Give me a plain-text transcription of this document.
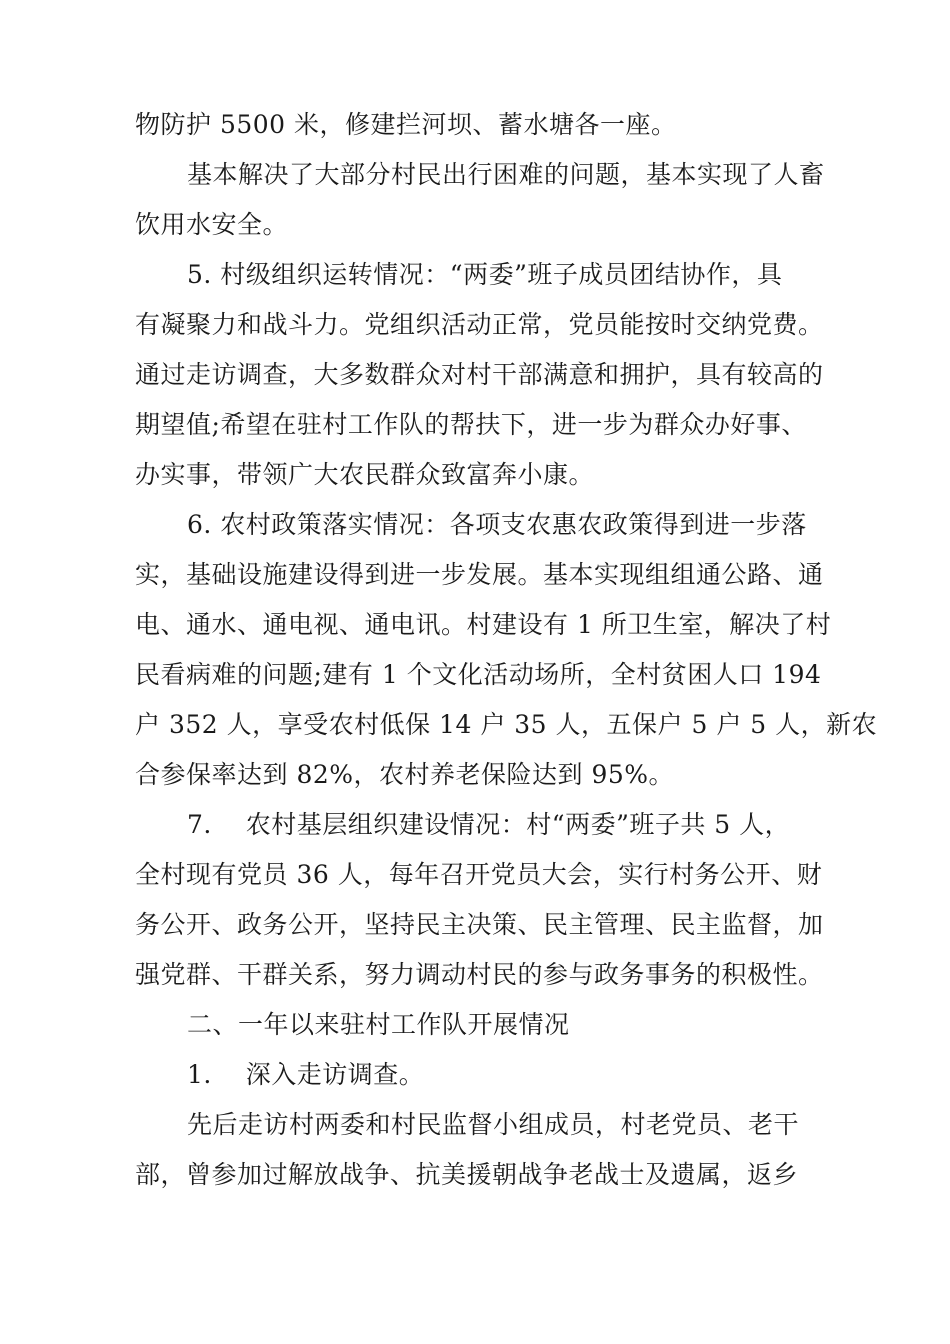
物防护 5500 米，修建拦河坝、蓄水塘各一座。
基本解决了大部分村民出行困难的问题，基本实现了人畜
饮用水安全。
5. 村级组织运转情况：“两委”班子成员团结协作，具
有凝聚力和战斗力。党组织活动正常，党员能按时交纳党费。
通过走访调查，大多数群众对村干部满意和拥护，具有较高的
期望值;希望在驻村工作队的帮扶下，进一步为群众办好事、
办实事，带领广大农民群众致富奔小康。
6. 农村政策落实情况：各项支农惠农政策得到进一步落
实，基础设施建设得到进一步发展。基本实现组组通公路、通
电、通水、通电视、通电讯。村建设有 1 所卫生室，解决了村
民看病难的问题;建有 1 个文化活动场所，全村贫困人口 194
户 352 人，享受农村低保 14 户 35 人，五保户 5 户 5 人，新农
合参保率达到 82%，农村养老保险达到 95%。
7.　 农村基层组织建设情况：村“两委”班子共 5 人，
全村现有党员 36 人，每年召开党员大会，实行村务公开、财
务公开、政务公开，坚持民主决策、民主管理、民主监督，加
强党群、干群关系，努力调动村民的参与政务事务的积极性。
二、一年以来驻村工作队开展情况
1.　 深入走访调查。
先后走访村两委和村民监督小组成员，村老党员、老干
部，曾参加过解放战争、抗美援朝战争老战士及遗属，返乡
